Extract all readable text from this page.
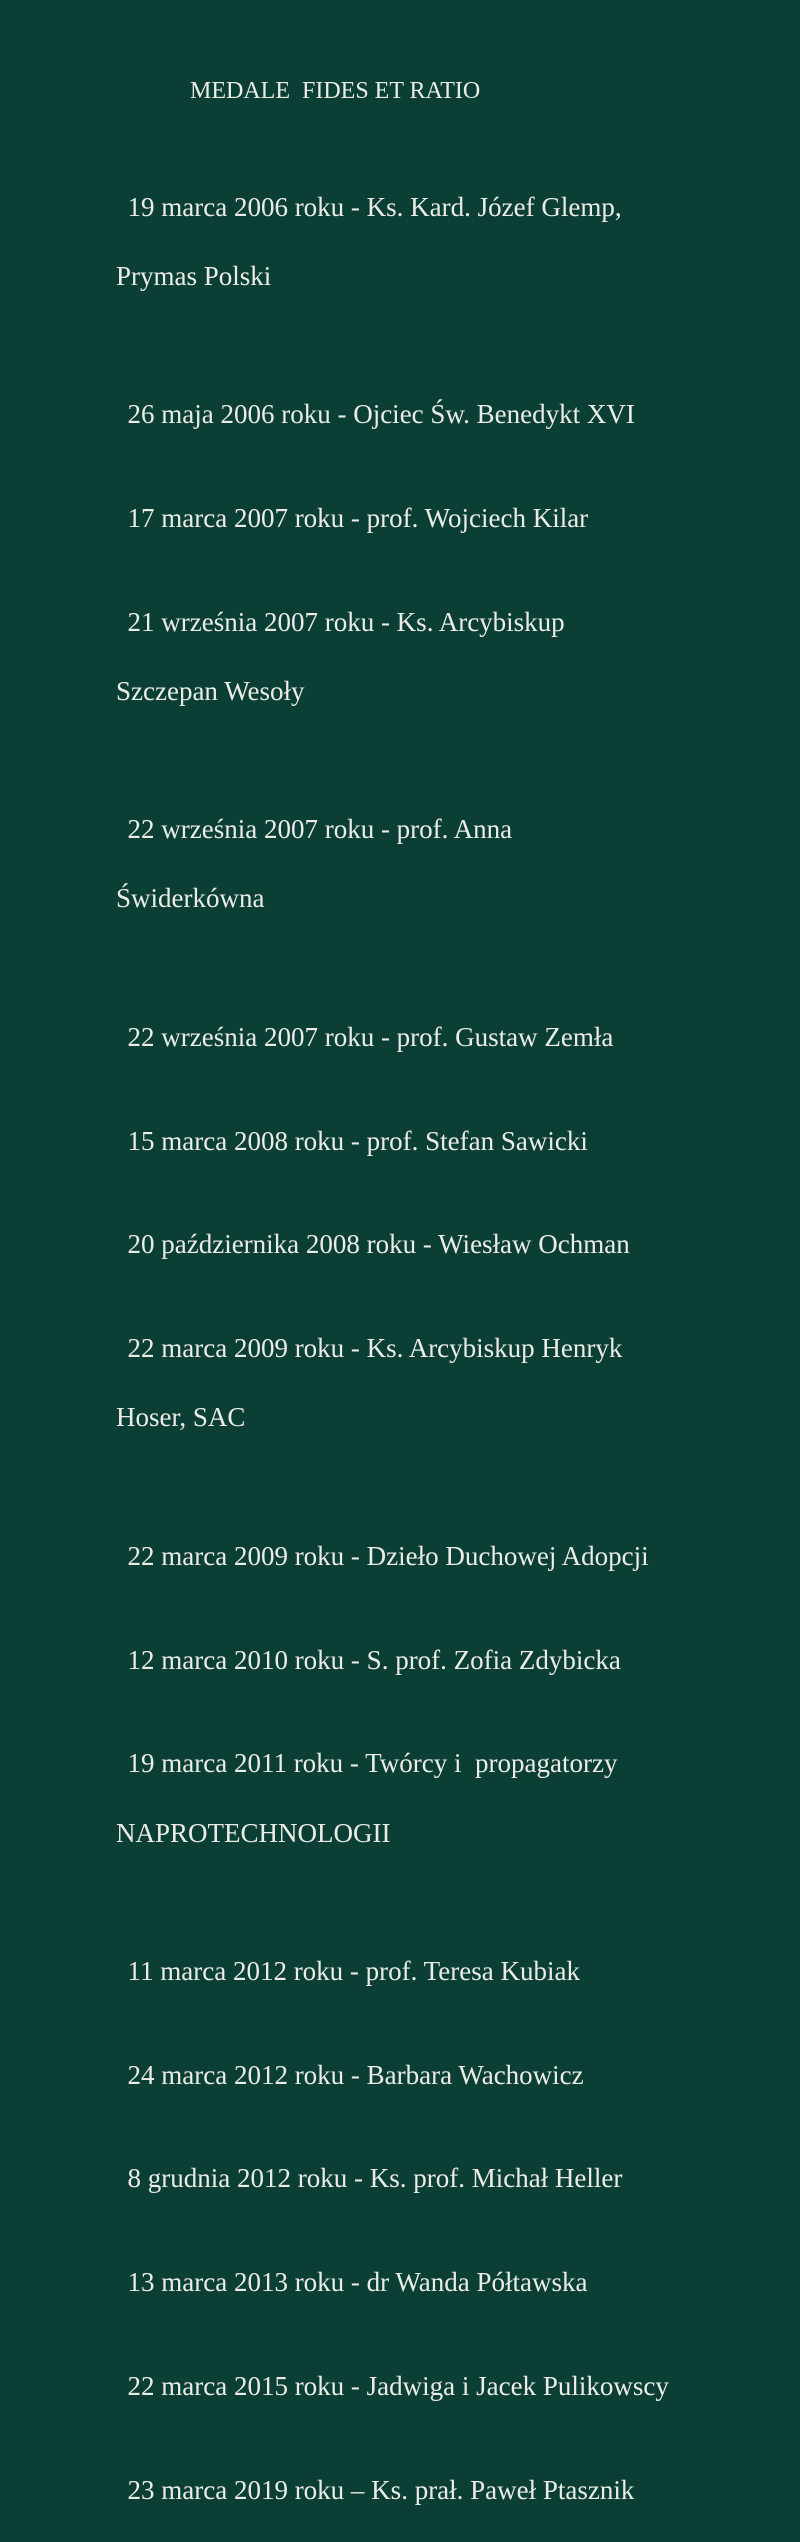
MEDALE  FIDES ET RATIO

19 marca 2006 roku - Ks. Kard. Józef Glemp,

Prymas Polski

26 maja 2006 roku - Ojciec Św. Benedykt XVI

17 marca 2007 roku - prof. Wojciech Kilar

21 września 2007 roku - Ks. Arcybiskup

Szczepan Wesoły

22 września 2007 roku - prof. Anna

Świderkówna

22 września 2007 roku - prof. Gustaw Zemła

15 marca 2008 roku - prof. Stefan Sawicki

20 października 2008 roku - Wiesław Ochman

22 marca 2009 roku - Ks. Arcybiskup Henryk

Hoser, SAC

22 marca 2009 roku - Dzieło Duchowej Adopcji

12 marca 2010 roku - S. prof. Zofia Zdybicka

19 marca 2011 roku - Twórcy i  propagatorzy

NAPROTECHNOLOGII

11 marca 2012 roku - prof. Teresa Kubiak

24 marca 2012 roku - Barbara Wachowicz

8 grudnia 2012 roku - Ks. prof. Michał Heller

13 marca 2013 roku - dr Wanda Półtawska

22 marca 2015 roku - Jadwiga i Jacek Pulikowscy

23 marca 2019 roku – Ks. prał. Paweł Ptasznik
